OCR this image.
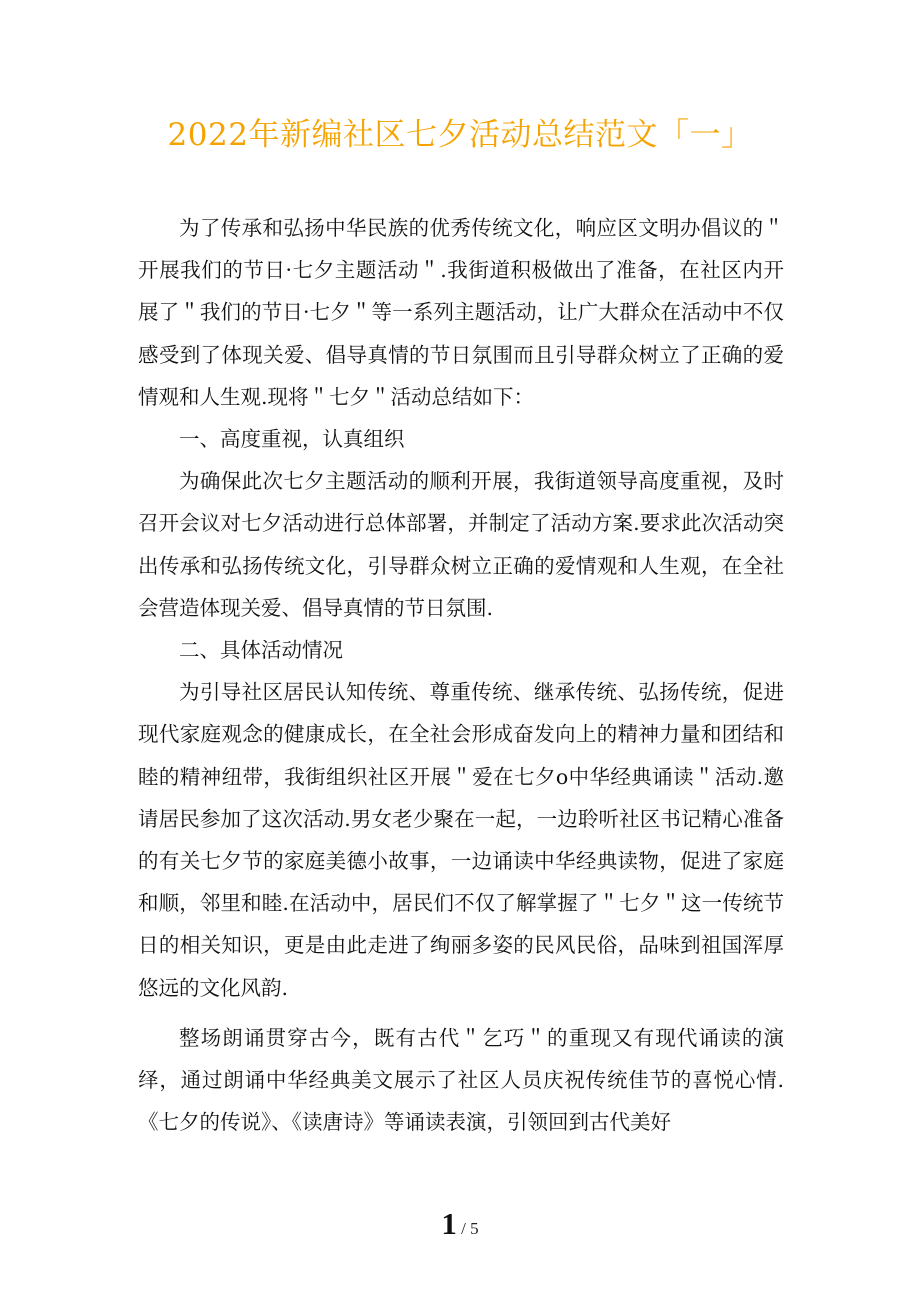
2022年新编社区七夕活动总结范文「一」

为了传承和弘扬中华民族的优秀传统文化，响应区文明办倡议的＂开展我们的节日·七夕主题活动＂.我街道积极做出了准备，在社区内开展了＂我们的节日·七夕＂等一系列主题活动，让广大群众在活动中不仅感受到了体现关爱、倡导真情的节日氛围而且引导群众树立了正确的爱情观和人生观.现将＂七夕＂活动总结如下：

一、高度重视，认真组织

为确保此次七夕主题活动的顺利开展，我街道领导高度重视，及时召开会议对七夕活动进行总体部署，并制定了活动方案.要求此次活动突出传承和弘扬传统文化，引导群众树立正确的爱情观和人生观，在全社会营造体现关爱、倡导真情的节日氛围.

二、具体活动情况

为引导社区居民认知传统、尊重传统、继承传统、弘扬传统，促进现代家庭观念的健康成长，在全社会形成奋发向上的精神力量和团结和睦的精神纽带，我街组织社区开展＂爱在七夕o中华经典诵读＂活动.邀请居民参加了这次活动.男女老少聚在一起，一边聆听社区书记精心准备的有关七夕节的家庭美德小故事，一边诵读中华经典读物，促进了家庭和顺，邻里和睦.在活动中，居民们不仅了解掌握了＂七夕＂这一传统节日的相关知识，更是由此走进了绚丽多姿的民风民俗，品味到祖国浑厚悠远的文化风韵.

整场朗诵贯穿古今，既有古代＂乞巧＂的重现又有现代诵读的演绎，通过朗诵中华经典美文展示了社区人员庆祝传统佳节的喜悦心情.《七夕的传说》、《读唐诗》等诵读表演，引领回到古代美好

1 / 5
